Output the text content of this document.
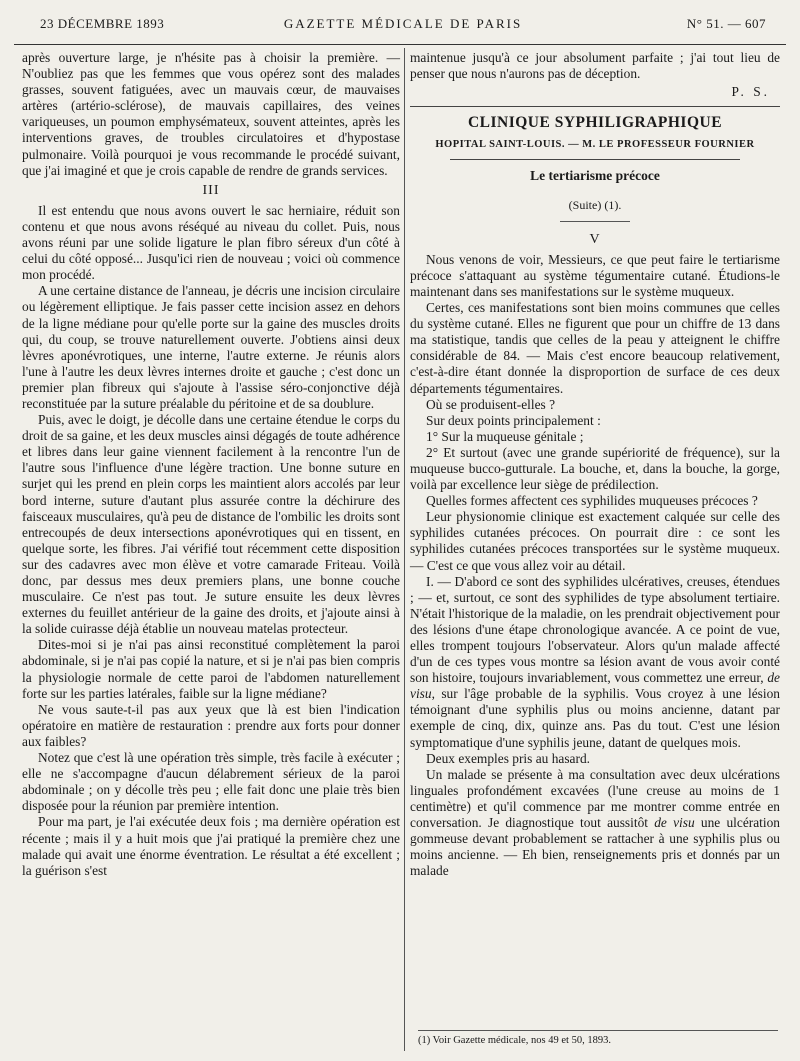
23 DÉCEMBRE 1893	GAZETTE MÉDICALE DE PARIS	N° 51. — 607

après ouverture large, je n'hésite pas à choisir la première. — N'oubliez pas que les femmes que vous opérez sont des malades grasses, souvent fatiguées, avec un mauvais cœur, de mauvaises artères (artério-sclérose), de mauvais capillaires, des veines variqueuses, un poumon emphysémateux, souvent atteintes, après les interventions graves, de troubles circulatoires et d'hypostase pulmonaire. Voilà pourquoi je vous recommande le procédé suivant, que j'ai imaginé et que je crois capable de rendre de grands services.

III

Il est entendu que nous avons ouvert le sac herniaire, réduit son contenu et que nous avons réséqué au niveau du collet. Puis, nous avons réuni par une solide ligature le plan fibro séreux d'un côté à celui du côté opposé... Jusqu'ici rien de nouveau ; voici où commence mon procédé.

A une certaine distance de l'anneau, je décris une incision circulaire ou légèrement elliptique. Je fais passer cette incision assez en dehors de la ligne médiane pour qu'elle porte sur la gaine des muscles droits qui, du coup, se trouve naturellement ouverte. J'obtiens ainsi deux lèvres aponévrotiques, une interne, l'autre externe. Je réunis alors l'une à l'autre les deux lèvres internes droite et gauche ; c'est donc un premier plan fibreux qui s'ajoute à l'assise séro-conjonctive déjà reconstituée par la suture préalable du péritoine et de sa doublure.

Puis, avec le doigt, je décolle dans une certaine étendue le corps du droit de sa gaine, et les deux muscles ainsi dégagés de toute adhérence et libres dans leur gaine viennent facilement à la rencontre l'un de l'autre sous l'influence d'une légère traction. Une bonne suture en surjet qui les prend en plein corps les maintient alors accolés par leur bord interne, suture d'autant plus assurée contre la déchirure des faisceaux musculaires, qu'à peu de distance de l'ombilic les droits sont entrecoupés de deux intersections aponévrotiques qui en tissent, en quelque sorte, les fibres. J'ai vérifié tout récemment cette disposition sur des cadavres avec mon élève et votre camarade Friteau. Voilà donc, par dessus mes deux premiers plans, une bonne couche musculaire. Ce n'est pas tout. Je suture ensuite les deux lèvres externes du feuillet antérieur de la gaine des droits, et j'ajoute ainsi à la solide cuirasse déjà établie un nouveau matelas protecteur.

Dites-moi si je n'ai pas ainsi reconstitué complètement la paroi abdominale, si je n'ai pas copié la nature, et si je n'ai pas bien compris la physiologie normale de cette paroi de l'abdomen naturellement forte sur les parties latérales, faible sur la ligne médiane?

Ne vous saute-t-il pas aux yeux que là est bien l'indication opératoire en matière de restauration : prendre aux forts pour donner aux faibles?

Notez que c'est là une opération très simple, très facile à exécuter ; elle ne s'accompagne d'aucun délabrement sérieux de la paroi abdominale ; on y décolle très peu ; elle fait donc une plaie très bien disposée pour la réunion par première intention.

Pour ma part, je l'ai exécutée deux fois ; ma dernière opération est récente ; mais il y a huit mois que j'ai pratiqué la première chez une malade qui avait une énorme éventration. Le résultat a été excellent ; la guérison s'est

maintenue jusqu'à ce jour absolument parfaite ; j'ai tout lieu de penser que nous n'aurons pas de déception.

P. S.
CLINIQUE SYPHILIGRAPHIQUE
HOPITAL SAINT-LOUIS. — M. LE PROFESSEUR FOURNIER
Le tertiarisme précoce
(Suite) (1).
V

Nous venons de voir, Messieurs, ce que peut faire le tertiarisme précoce s'attaquant au système tégumentaire cutané. Étudions-le maintenant dans ses manifestations sur le système muqueux.

Certes, ces manifestations sont bien moins communes que celles du système cutané. Elles ne figurent que pour un chiffre de 13 dans ma statistique, tandis que celles de la peau y atteignent le chiffre considérable de 84. — Mais c'est encore beaucoup relativement, c'est-à-dire étant donnée la disproportion de surface de ces deux départements tégumentaires.

Où se produisent-elles ?

Sur deux points principalement :

1° Sur la muqueuse génitale ;

2° Et surtout (avec une grande supériorité de fréquence), sur la muqueuse bucco-gutturale. La bouche, et, dans la bouche, la gorge, voilà par excellence leur siège de prédilection.

Quelles formes affectent ces syphilides muqueuses précoces ?

Leur physionomie clinique est exactement calquée sur celle des syphilides cutanées précoces. On pourrait dire : ce sont les syphilides cutanées précoces transportées sur le système muqueux. — C'est ce que vous allez voir au détail.

I. — D'abord ce sont des syphilides ulcératives, creuses, étendues ; — et, surtout, ce sont des syphilides de type absolument tertiaire. N'était l'historique de la maladie, on les prendrait objectivement pour des lésions d'une étape chronologique avancée. A ce point de vue, elles trompent toujours l'observateur. Alors qu'un malade affecté d'un de ces types vous montre sa lésion avant de vous avoir conté son histoire, toujours invariablement, vous commettez une erreur, de visu, sur l'âge probable de la syphilis. Vous croyez à une lésion témoignant d'une syphilis plus ou moins ancienne, datant par exemple de cinq, dix, quinze ans. Pas du tout. C'est une lésion symptomatique d'une syphilis jeune, datant de quelques mois.

Deux exemples pris au hasard.

Un malade se présente à ma consultation avec deux ulcérations linguales profondément excavées (l'une creuse au moins de 1 centimètre) et qu'il commence par me montrer comme entrée en conversation. Je diagnostique tout aussitôt de visu une ulcération gommeuse devant probablement se rattacher à une syphilis plus ou moins ancienne. — Eh bien, renseignements pris et donnés par un malade

(1) Voir Gazette médicale, nos 49 et 50, 1893.
